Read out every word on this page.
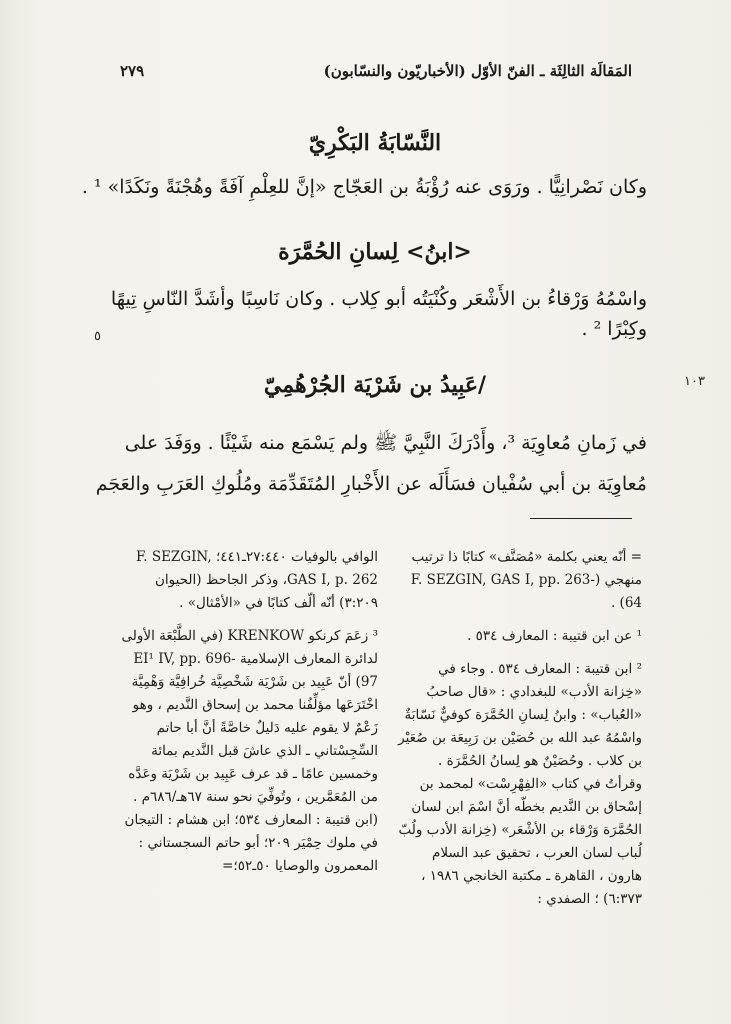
المَقالَة الثالِثَة ـ الفنّ الأوّل (الأخباريّون والنسّابون)
٢٧٩
النَّسّابَةُ البَكْرِيّ
وكان نَصْرانِيًّا . ورَوَى عنه رُؤْبَةُ بن العَجّاج «إنَّ للعِلْمِ آفَةً وهُجْنَةً ونَكَدًا» ¹ .
<ابنُ> لِسانِ الحُمَّرَة
واسْمُهُ وَرْقاءُ بن الأَشْعَر وكُنْيَتُه أبو كِلاب . وكان نَاسِبًا وأشَدَّ النّاسِ تِيهًا
وكِبْرًا ² .
٥
/عَبِيدُ بن شَرْيَة الجُرْهُمِيّ
في زَمانِ مُعاوِيَة ³، وأَدْرَكَ النَّبِيَّ ﷺ ولم يَسْمَع منه شَيْئًا . ووَفَدَ على
مُعاوِيَة بن أبي سُفْيان فسَأَلَه عن الأَخْبارِ المُتَقَدِّمَة ومُلُوكِ العَرَبِ والعَجَم
١٠٣

= أنّه يعني بكلمة «مُصَنَّف» كتابًا ذا ترتيب منهجي (F. SEZGIN, GAS I, pp. 263-64) .

¹ عن ابن قتيبة : المعارف ٥٣٤ .

² ابن قتيبة : المعارف ٥٣٤ . وجاء في «خِزانة الأدب» للبغدادي : «قال صاحبُ «العُباب» : وابنُ لِسانِ الحُمَّرَة كوفيٌّ نَسّابَةٌ واسْمُهُ عبد الله بن حُصَيْن بن رَبِيعَة بن صُعَيْر بن كلاب . وحُصَيْنٌ هو لِسانُ الحُمَّرَة . وقرأتُ في كتاب «الفِهْرِسْت» لمحمد بن إسْحاق بن النَّديم بخطّه أنَّ اسْمَ ابن لسان الحُمَّرَة وَرْقاء بن الأشْعَر» (خِزانة الأدب ولُبّ لُباب لسان العرب ، تحقيق عبد السلام هارون ، القاهرة ـ مكتبة الخانجي ١٩٨٦ ، ٦:٣٧٣) ؛ الصفدي :

الوافي بالوفيات ٢٧:٤٤٠ـ٤٤١؛ F. SEZGIN, GAS I, p. 262، وذكر الجاحظ (الحيوان ٣:٢٠٩) أنّه ألّف كتابًا في «الأمْثال» .

³ زعَمَ كرنكو KRENKOW (في الطَّبْعَة الأولى لدائرة المعارف الإسلامية EI¹ IV, pp. 696-97) أنّ عَبِيد بن شَرْيَة شَخْصِيَّة خُرافِيَّة وَهْمِيَّة اخْتَرَعَها مؤلِّفُنا محمد بن إسحاق النَّديم ، وهو زَعْمٌ لا يقوم عليه دَليلٌ خاصَّةً أنَّ أبا حاتم السِّجِسْتاني ـ الذي عاشَ قبل النَّديم بمائة وخمسين عامًا ـ قد عرف عَبِيد بن شَرْيَة وعَدَّه من المُعَمَّرين ، وتُوفِّيَ نحو سنة ٦٧هـ/٦٨٦م . (ابن قتيبة : المعارف ٥٣٤؛ ابن هشام : التيجان في ملوك حِمْيَر ٢٠٩؛ أبو حاتم السجستاني : المعمرون والوصايا ٥٠ـ٥٢؛=
